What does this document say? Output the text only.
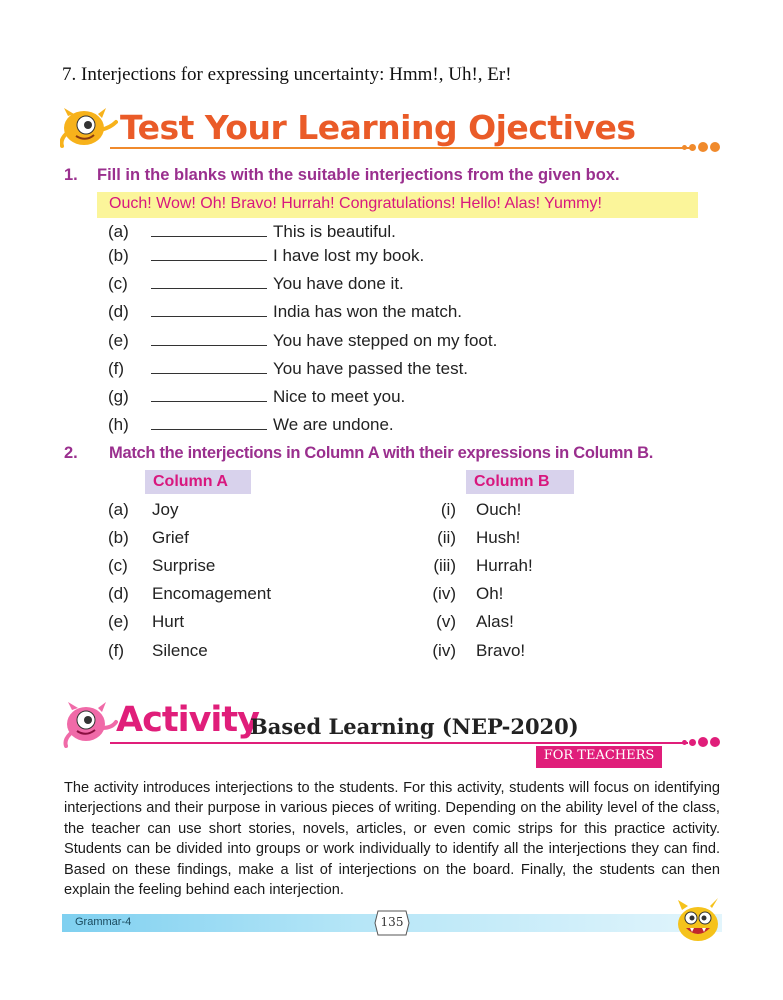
7. Interjections for expressing uncertainty: Hmm!, Uh!, Er!
Test Your Learning Ojectives
1. Fill in the blanks with the suitable interjections from the given box.
Ouch! Wow! Oh! Bravo! Hurrah! Congratulations! Hello! Alas! Yummy!
(a)	This is beautiful.
(b)	I have lost my book.
(c)	You have done it.
(d)	India has won the match.
(e)	You have stepped on my foot.
(f)	You have passed the test.
(g)	Nice to meet you.
(h)	We are undone.
2. Match the interjections in Column A with their expressions in Column B.
Column A	Column B
(a) Joy	(i) Ouch!
(b) Grief	(ii) Hush!
(c) Surprise	(iii) Hurrah!
(d) Encomagement	(iv) Oh!
(e) Hurt	(v) Alas!
(f) Silence	(iv) Bravo!
Activity
Based Learning (NEP-2020)
FOR TEACHERS
The activity introduces interjections to the students. For this activity, students will focus on identifying interjections and their purpose in various pieces of writing. Depending on the ability level of the class, the teacher can use short stories, novels, articles, or even comic strips for this practice activity. Students can be divided into groups or work individually to identify all the interjections they can find. Based on these findings, make a list of interjections on the board. Finally, the students can then explain the feeling behind each interjection.
Grammar-4	135
